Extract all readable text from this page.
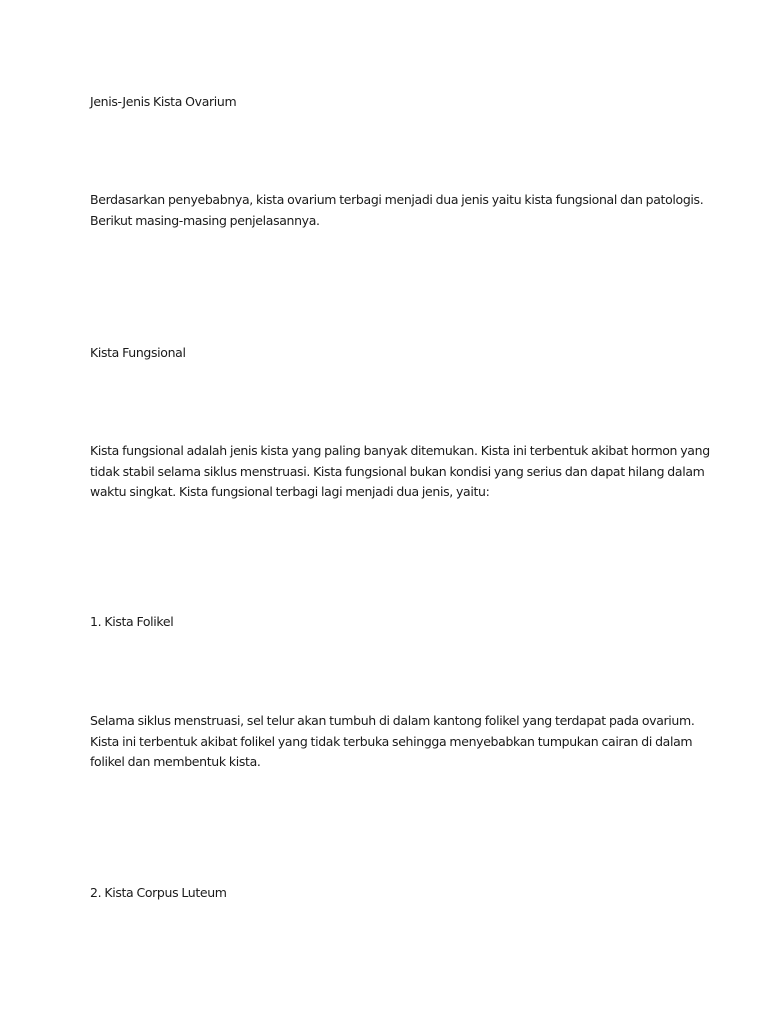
Jenis-Jenis Kista Ovarium

Berdasarkan penyebabnya, kista ovarium terbagi menjadi dua jenis yaitu kista fungsional dan patologis.
Berikut masing-masing penjelasannya.

Kista Fungsional

Kista fungsional adalah jenis kista yang paling banyak ditemukan. Kista ini terbentuk akibat hormon yang
tidak stabil selama siklus menstruasi. Kista fungsional bukan kondisi yang serius dan dapat hilang dalam
waktu singkat. Kista fungsional terbagi lagi menjadi dua jenis, yaitu:

1. Kista Folikel

Selama siklus menstruasi, sel telur akan tumbuh di dalam kantong folikel yang terdapat pada ovarium.
Kista ini terbentuk akibat folikel yang tidak terbuka sehingga menyebabkan tumpukan cairan di dalam
folikel dan membentuk kista.

2. Kista Corpus Luteum
